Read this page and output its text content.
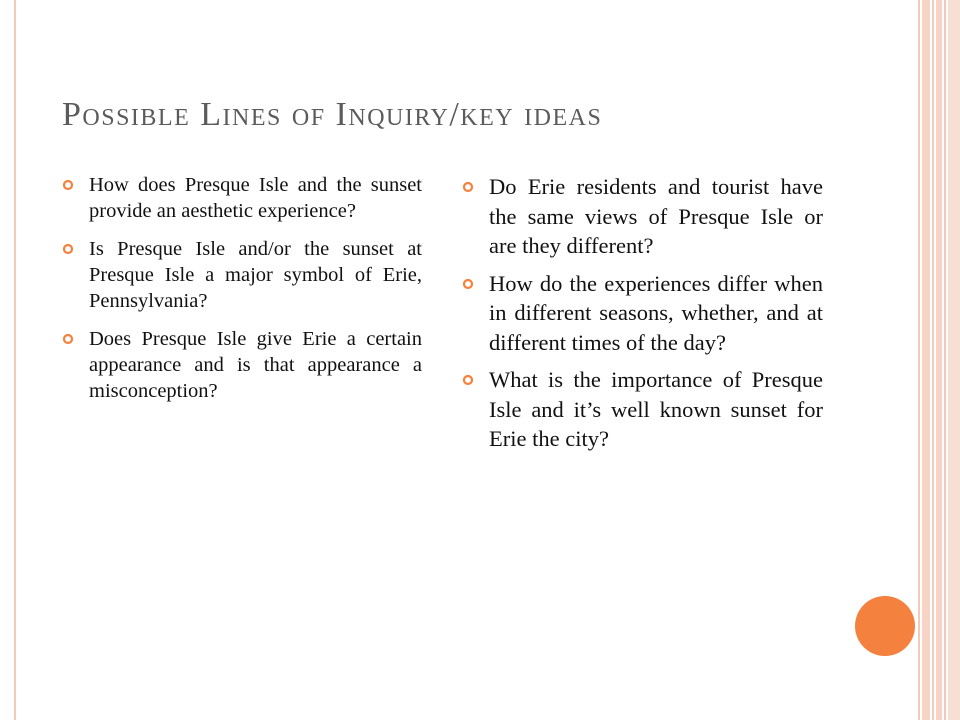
Possible Lines of Inquiry/key ideas
How does Presque Isle and the sunset provide an aesthetic experience?
Is Presque Isle and/or the sunset at Presque Isle a major symbol of Erie, Pennsylvania?
Does Presque Isle give Erie a certain appearance and is that appearance a misconception?
Do Erie residents and tourist have the same views of Presque Isle or are they different?
How do the experiences differ when in different seasons, whether, and at different times of the day?
What is the importance of Presque Isle and it’s well known sunset for Erie the city?
